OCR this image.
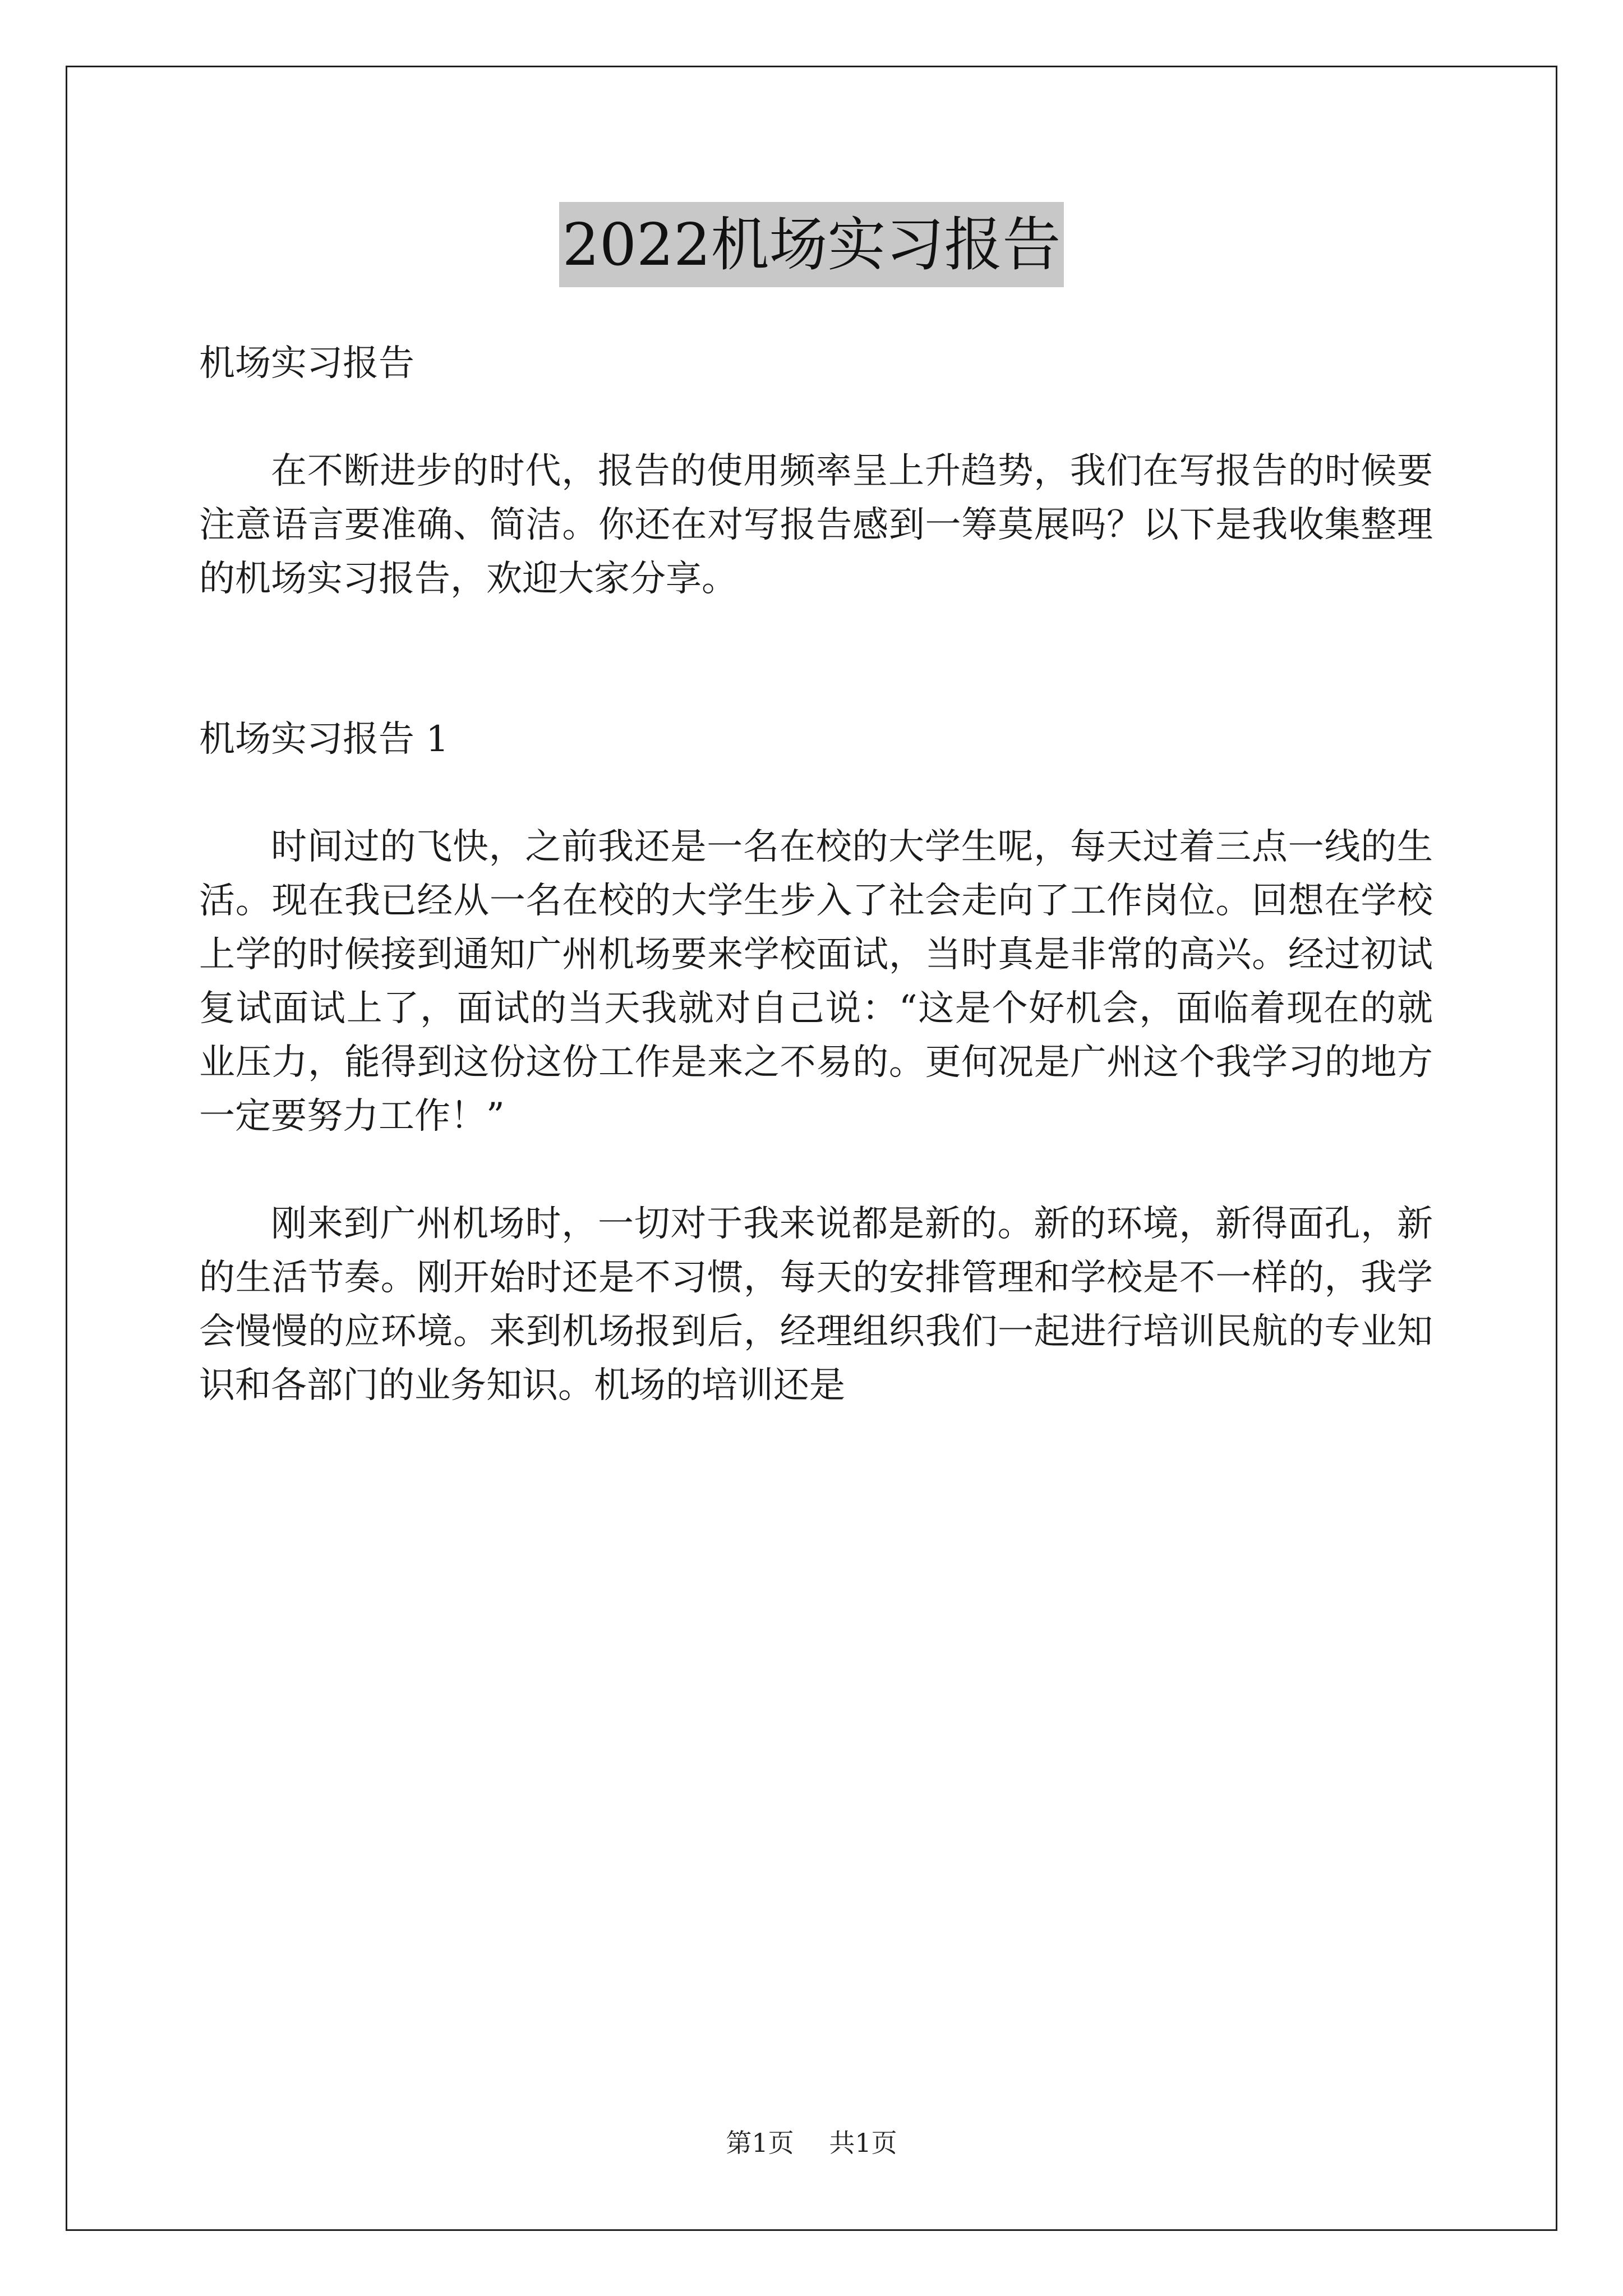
2022机场实习报告

机场实习报告

在不断进步的时代，报告的使用频率呈上升趋势，我们在写报告的时候要注意语言要准确、简洁。你还在对写报告感到一筹莫展吗？以下是我收集整理的机场实习报告，欢迎大家分享。

机场实习报告 1

时间过的飞快，之前我还是一名在校的大学生呢，每天过着三点一线的生活。现在我已经从一名在校的大学生步入了社会走向了工作岗位。回想在学校上学的时候接到通知广州机场要来学校面试，当时真是非常的高兴。经过初试复试面试上了，面试的当天我就对自己说：“这是个好机会，面临着现在的就业压力，能得到这份这份工作是来之不易的。更何况是广州这个我学习的地方一定要努力工作！”

刚来到广州机场时，一切对于我来说都是新的。新的环境，新得面孔，新的生活节奏。刚开始时还是不习惯，每天的安排管理和学校是不一样的，我学会慢慢的应环境。来到机场报到后，经理组织我们一起进行培训民航的专业知识和各部门的业务知识。机场的培训还是

第1页 共1页
